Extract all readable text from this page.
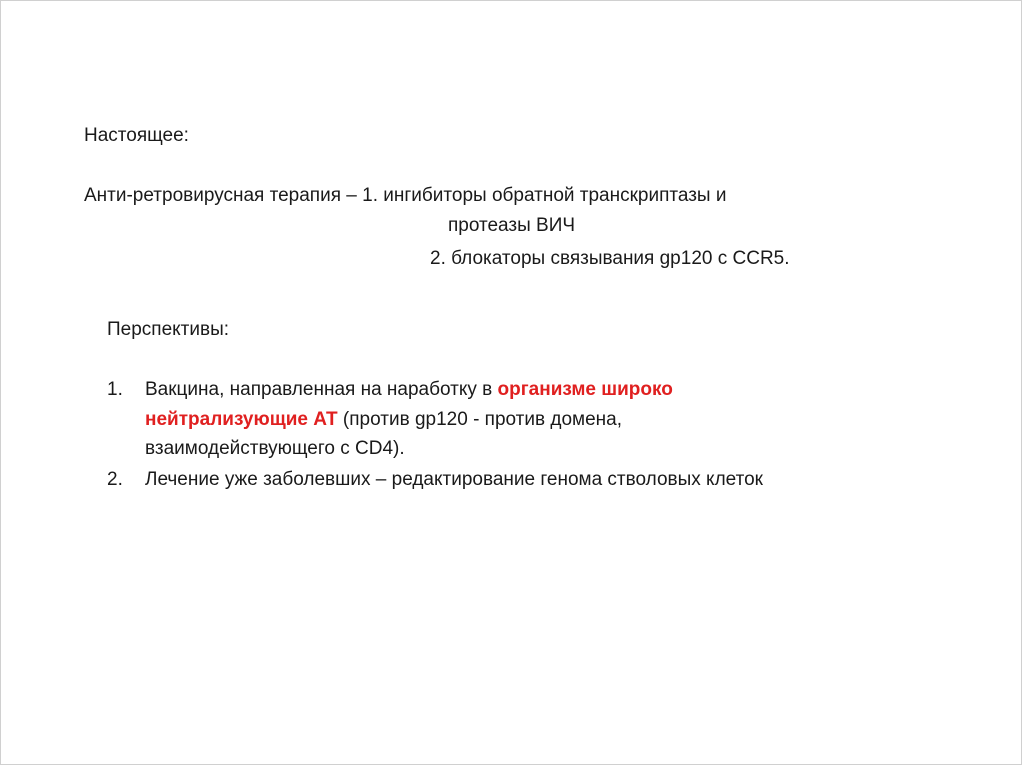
Настоящее:
Анти-ретровирусная терапия – 1. ингибиторы обратной транскриптазы и
протеазы ВИЧ
2. блокаторы связывания gp120 с CCR5.
Перспективы:
1. Вакцина, направленная на наработку в организме широко
нейтрализующие АТ (против gp120 - против домена,
взаимодействующего с CD4).
2. Лечение уже заболевших – редактирование генома стволовых клеток
